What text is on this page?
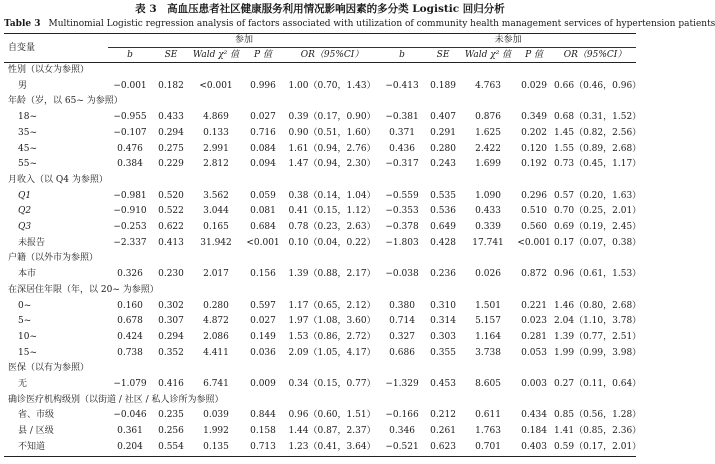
表 3　高血压患者社区健康服务利用情况影响因素的多分类 Logistic 回归分析
Table 3 Multinomial Logistic regression analysis of factors associated with utilization of community health management services of hypertension patients
自变量	参加					未参加				
	b	SE	Wald χ² 值	P 值	OR（95%CI）	b	SE	Wald χ² 值	P 值	OR（95%CI）
性别（以女为参照）										
男	−0.001	0.182	<0.001	0.996	1.00（0.70，1.43）	−0.413	0.189	4.763	0.029	0.66（0.46，0.96）
年龄（岁，以 65~ 为参照）										
18~	−0.955	0.433	4.869	0.027	0.39（0.17，0.90）	−0.381	0.407	0.876	0.349	0.68（0.31，1.52）
35~	−0.107	0.294	0.133	0.716	0.90（0.51，1.60）	0.371	0.291	1.625	0.202	1.45（0.82，2.56）
45~	0.476	0.275	2.991	0.084	1.61（0.94，2.76）	0.436	0.280	2.422	0.120	1.55（0.89，2.68）
55~	0.384	0.229	2.812	0.094	1.47（0.94，2.30）	−0.317	0.243	1.699	0.192	0.73（0.45，1.17）
月收入（以 Q4 为参照）										
Q1	−0.981	0.520	3.562	0.059	0.38（0.14，1.04）	−0.559	0.535	1.090	0.296	0.57（0.20，1.63）
Q2	−0.910	0.522	3.044	0.081	0.41（0.15，1.12）	−0.353	0.536	0.433	0.510	0.70（0.25，2.01）
Q3	−0.253	0.622	0.165	0.684	0.78（0.23，2.63）	−0.378	0.649	0.339	0.560	0.69（0.19，2.45）
未报告	−2.337	0.413	31.942	<0.001	0.10（0.04，0.22）	−1.803	0.428	17.741	<0.001	0.17（0.07，0.38）
户籍（以外市为参照）										
本市	0.326	0.230	2.017	0.156	1.39（0.88，2.17）	−0.038	0.236	0.026	0.872	0.96（0.61，1.53）
在深居住年限（年，以 20~ 为参照）										
0~	0.160	0.302	0.280	0.597	1.17（0.65，2.12）	0.380	0.310	1.501	0.221	1.46（0.80，2.68）
5~	0.678	0.307	4.872	0.027	1.97（1.08，3.60）	0.714	0.314	5.157	0.023	2.04（1.10，3.78）
10~	0.424	0.294	2.086	0.149	1.53（0.86，2.72）	0.327	0.303	1.164	0.281	1.39（0.77，2.51）
15~	0.738	0.352	4.411	0.036	2.09（1.05，4.17）	0.686	0.355	3.738	0.053	1.99（0.99，3.98）
医保（以有为参照）										
无	−1.079	0.416	6.741	0.009	0.34（0.15，0.77）	−1.329	0.453	8.605	0.003	0.27（0.11，0.64）
确诊医疗机构级别（以街道 / 社区 / 私人诊所为参照）										
省、市级	−0.046	0.235	0.039	0.844	0.96（0.60，1.51）	−0.166	0.212	0.611	0.434	0.85（0.56，1.28）
县 / 区级	0.361	0.256	1.992	0.158	1.44（0.87，2.37）	0.346	0.261	1.763	0.184	1.41（0.85，2.36）
不知道	0.204	0.554	0.135	0.713	1.23（0.41，3.64）	−0.521	0.623	0.701	0.403	0.59（0.17，2.01）
